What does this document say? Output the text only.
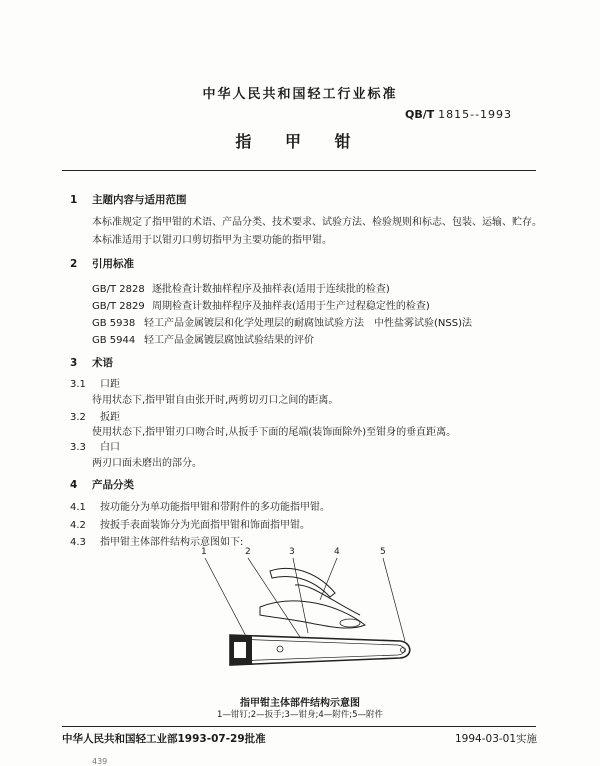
中华人民共和国轻工行业标准
QB/T 1815--1993
指 甲 钳
1 主题内容与适用范围
本标准规定了指甲钳的术语、产品分类、技术要求、试验方法、检验规则和标志、包装、运输、贮存。
本标准适用于以钳刃口剪切指甲为主要功能的指甲钳。
2 引用标准
GB/T 2828 逐批检查计数抽样程序及抽样表(适用于连续批的检查)
GB/T 2829 周期检查计数抽样程序及抽样表(适用于生产过程稳定性的检查)
GB 5938 轻工产品金属镀层和化学处理层的耐腐蚀试验方法　中性盐雾试验(NSS)法
GB 5944 轻工产品金属镀层腐蚀试验结果的评价
3 术语
3.1 口距
待用状态下,指甲钳自由张开时,两剪切刃口之间的距离。
3.2 扳距
使用状态下,指甲钳刃口吻合时,从扳手下面的尾端(装饰面除外)至钳身的垂直距离。
3.3 白口
两刃口面未磨出的部分。
4 产品分类
4.1 按功能分为单功能指甲钳和带附件的多功能指甲钳。
4.2 按扳手表面装饰分为光面指甲钳和饰面指甲钳。
4.3 指甲钳主体部件结构示意图如下:
1	2	3	4	5
指甲钳主体部件结构示意图
1—钳钉;2—扳手;3—钳身;4—附件;5—附件
中华人民共和国轻工业部1993-07-29批准	1994-03-01实施
439
